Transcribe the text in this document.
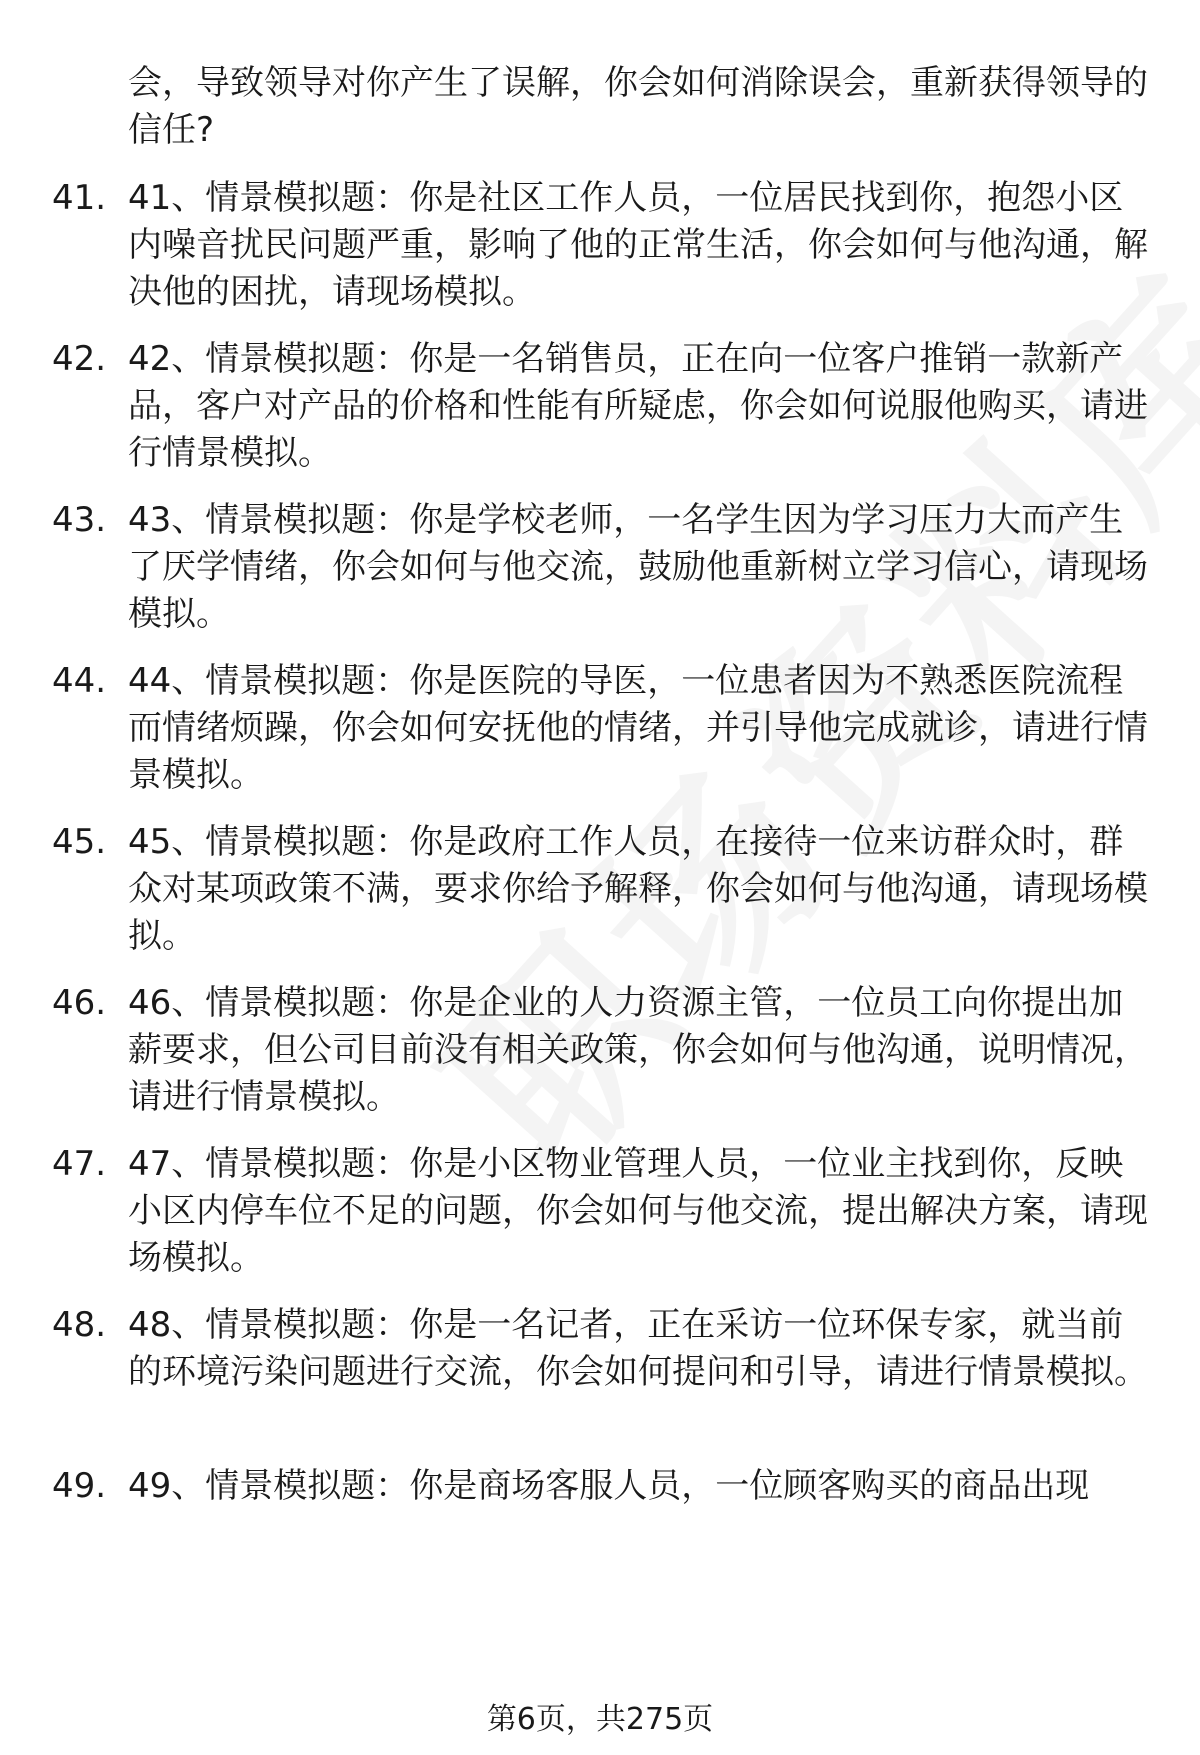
会，导致领导对你产生了误解，你会如何消除误会，重新获得领导的信任?
41. 41、情景模拟题：你是社区工作人员，一位居民找到你，抱怨小区内噪音扰民问题严重，影响了他的正常生活，你会如何与他沟通，解决他的困扰，请现场模拟。
42. 42、情景模拟题：你是一名销售员，正在向一位客户推销一款新产品，客户对产品的价格和性能有所疑虑，你会如何说服他购买，请进行情景模拟。
43. 43、情景模拟题：你是学校老师，一名学生因为学习压力大而产生了厌学情绪，你会如何与他交流，鼓励他重新树立学习信心，请现场模拟。
44. 44、情景模拟题：你是医院的导医，一位患者因为不熟悉医院流程而情绪烦躁，你会如何安抚他的情绪，并引导他完成就诊，请进行情景模拟。
45. 45、情景模拟题：你是政府工作人员，在接待一位来访群众时，群众对某项政策不满，要求你给予解释，你会如何与他沟通，请现场模拟。
46. 46、情景模拟题：你是企业的人力资源主管，一位员工向你提出加薪要求，但公司目前没有相关政策，你会如何与他沟通，说明情况，请进行情景模拟。
47. 47、情景模拟题：你是小区物业管理人员，一位业主找到你，反映小区内停车位不足的问题，你会如何与他交流，提出解决方案，请现场模拟。
48. 48、情景模拟题：你是一名记者，正在采访一位环保专家，就当前的环境污染问题进行交流，你会如何提问和引导，请进行情景模拟。
49. 49、情景模拟题：你是商场客服人员，一位顾客购买的商品出现
第6页，共275页
